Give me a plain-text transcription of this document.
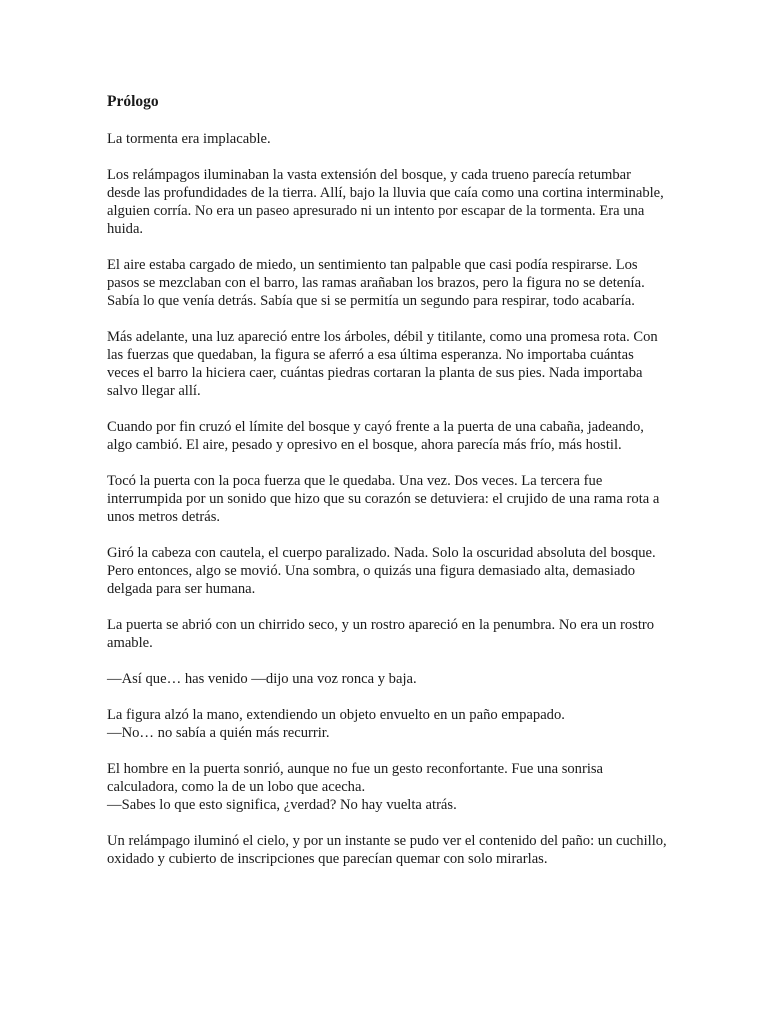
Prólogo
La tormenta era implacable.
Los relámpagos iluminaban la vasta extensión del bosque, y cada trueno parecía retumbar desde las profundidades de la tierra. Allí, bajo la lluvia que caía como una cortina interminable, alguien corría. No era un paseo apresurado ni un intento por escapar de la tormenta. Era una huida.
El aire estaba cargado de miedo, un sentimiento tan palpable que casi podía respirarse. Los pasos se mezclaban con el barro, las ramas arañaban los brazos, pero la figura no se detenía. Sabía lo que venía detrás. Sabía que si se permitía un segundo para respirar, todo acabaría.
Más adelante, una luz apareció entre los árboles, débil y titilante, como una promesa rota. Con las fuerzas que quedaban, la figura se aferró a esa última esperanza. No importaba cuántas veces el barro la hiciera caer, cuántas piedras cortaran la planta de sus pies. Nada importaba salvo llegar allí.
Cuando por fin cruzó el límite del bosque y cayó frente a la puerta de una cabaña, jadeando, algo cambió. El aire, pesado y opresivo en el bosque, ahora parecía más frío, más hostil.
Tocó la puerta con la poca fuerza que le quedaba. Una vez. Dos veces. La tercera fue interrumpida por un sonido que hizo que su corazón se detuviera: el crujido de una rama rota a unos metros detrás.
Giró la cabeza con cautela, el cuerpo paralizado. Nada. Solo la oscuridad absoluta del bosque. Pero entonces, algo se movió. Una sombra, o quizás una figura demasiado alta, demasiado delgada para ser humana.
La puerta se abrió con un chirrido seco, y un rostro apareció en la penumbra. No era un rostro amable.
—Así que… has venido —dijo una voz ronca y baja.
La figura alzó la mano, extendiendo un objeto envuelto en un paño empapado.
—No… no sabía a quién más recurrir.
El hombre en la puerta sonrió, aunque no fue un gesto reconfortante. Fue una sonrisa calculadora, como la de un lobo que acecha.
—Sabes lo que esto significa, ¿verdad? No hay vuelta atrás.
Un relámpago iluminó el cielo, y por un instante se pudo ver el contenido del paño: un cuchillo, oxidado y cubierto de inscripciones que parecían quemar con solo mirarlas.
